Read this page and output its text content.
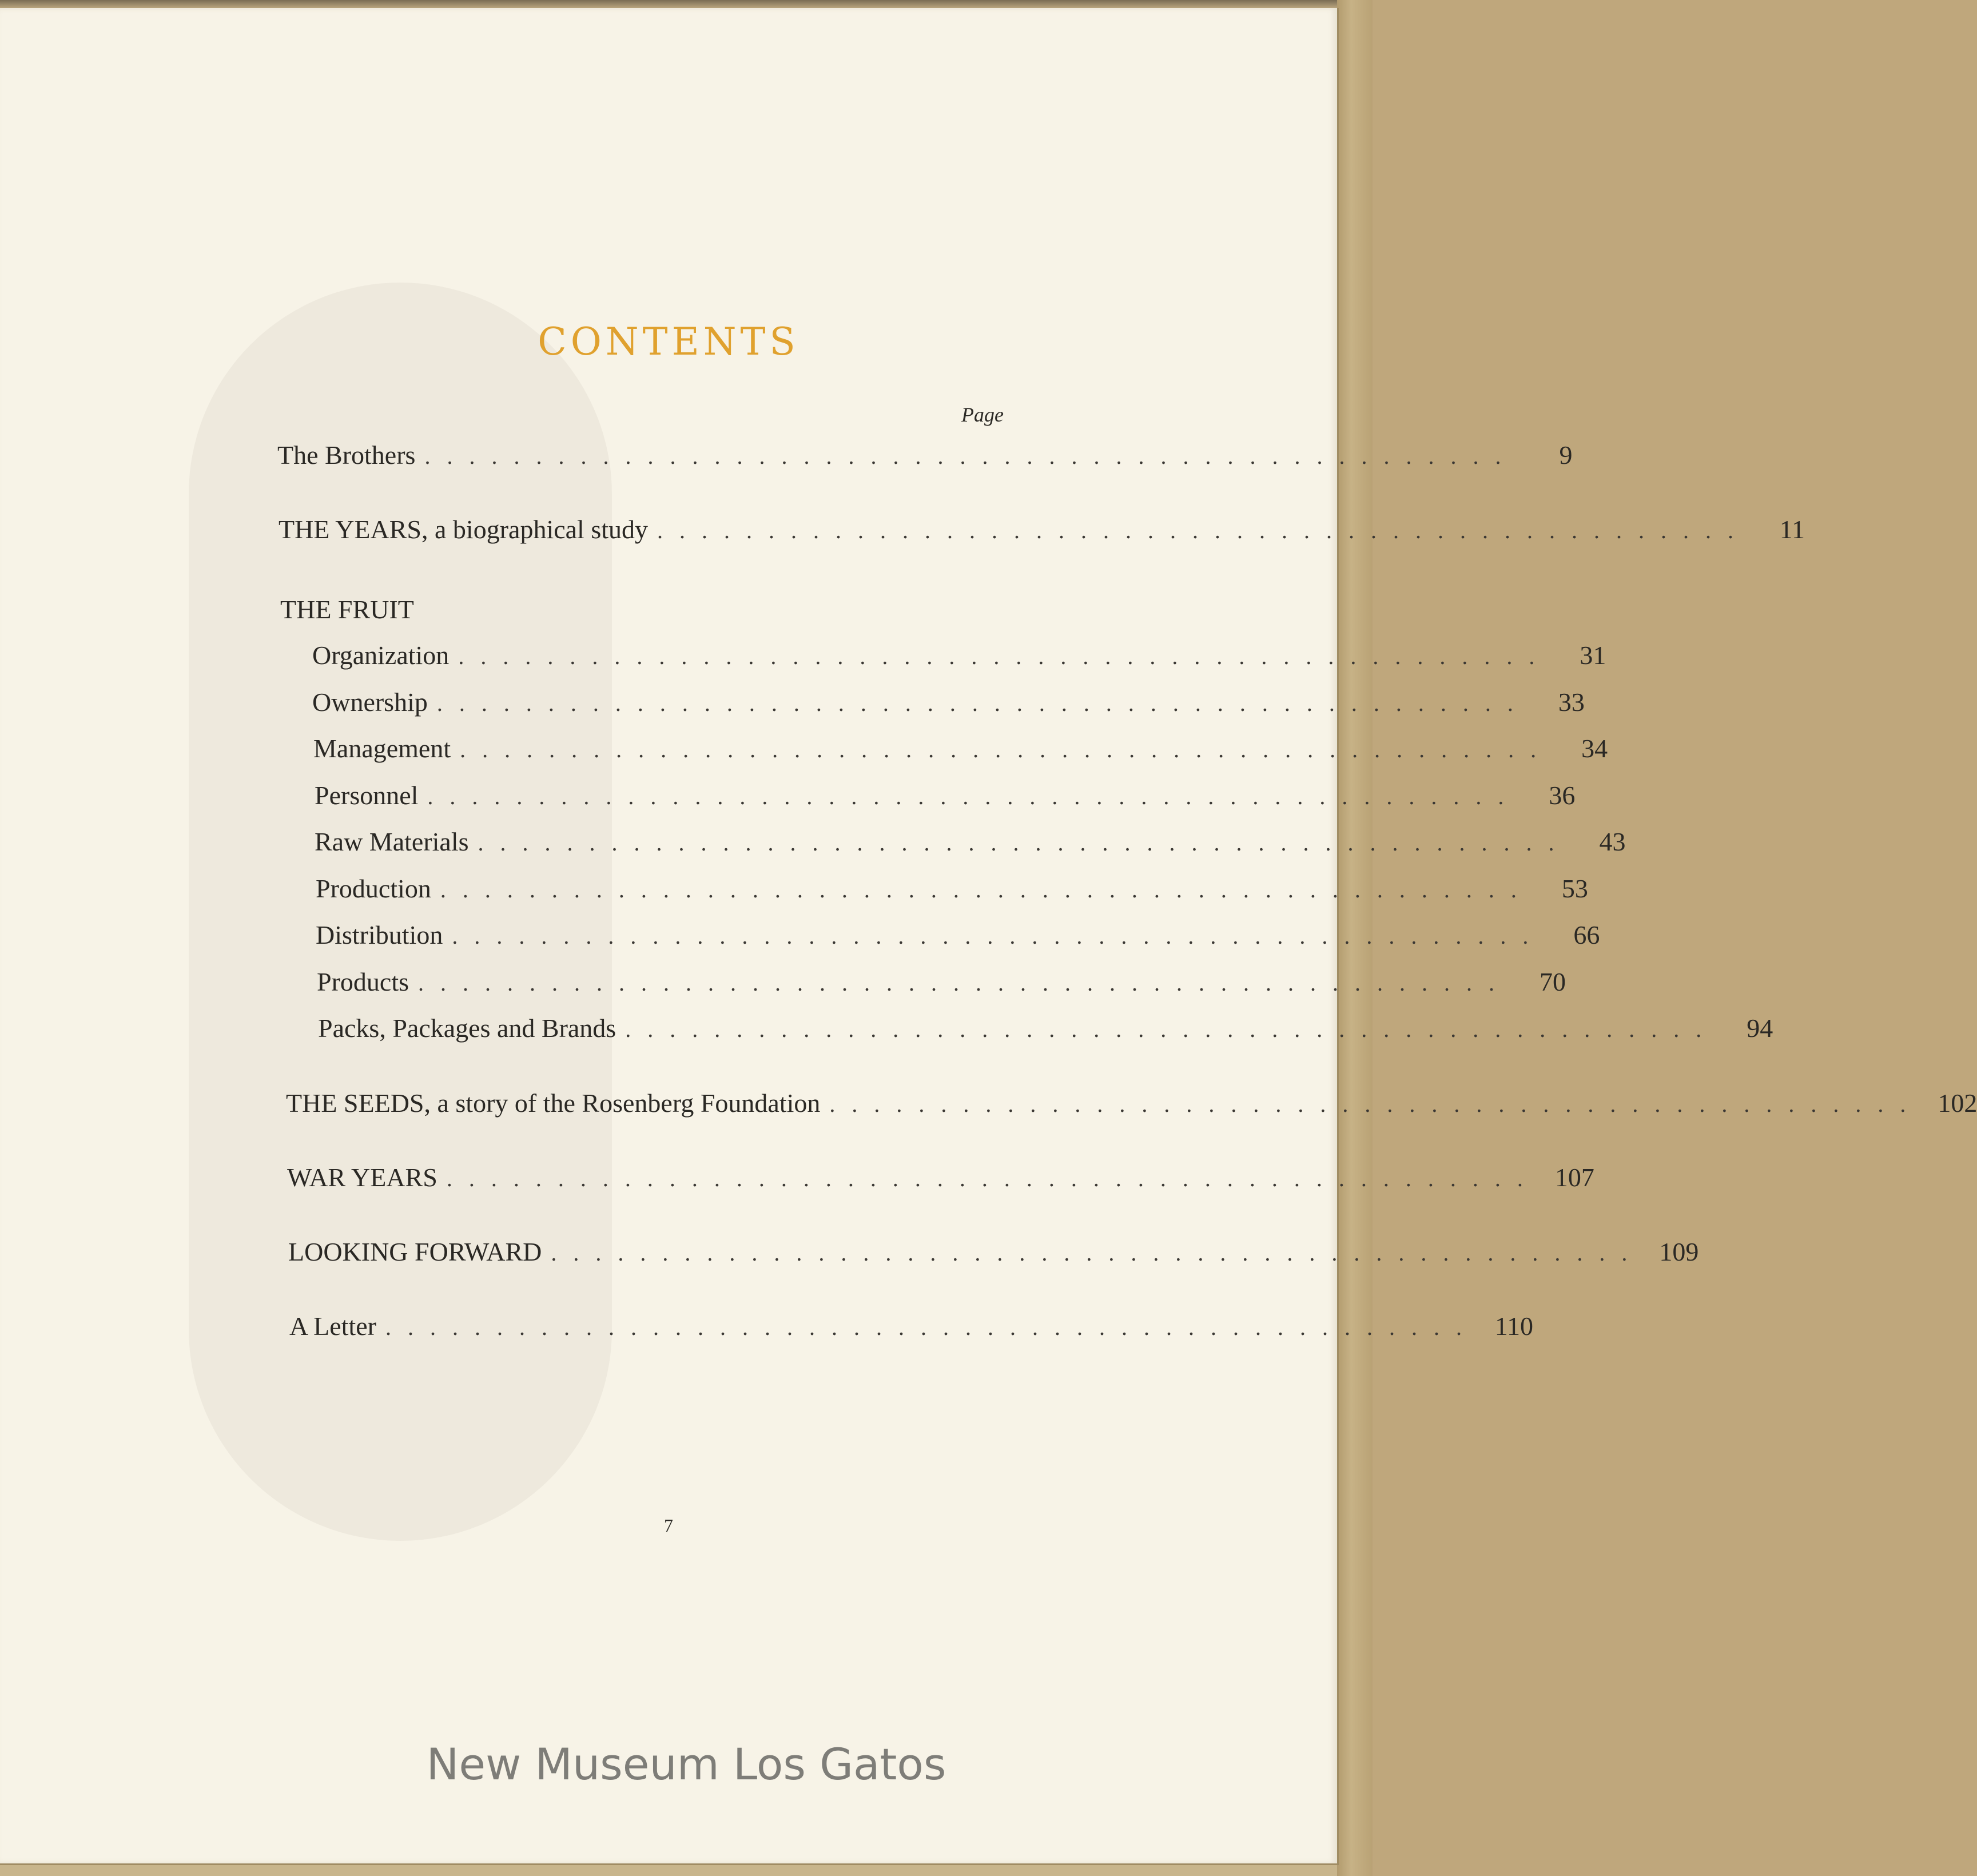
CONTENTS
Page
The Brothers .................................................	9
THE YEARS, a biographical study .................................................	11
THE FRUIT
Organization .................................................	31
Ownership .................................................	33
Management .................................................	34
Personnel .................................................	36
Raw Materials .................................................	43
Production .................................................	53
Distribution .................................................	66
Products .................................................	70
Packs, Packages and Brands .................................................	94
THE SEEDS, a story of the Rosenberg Foundation ................................................. 102
WAR YEARS ................................................. 107
LOOKING FORWARD ................................................. 109
A Letter ................................................. 110
7
New Museum Los Gatos
